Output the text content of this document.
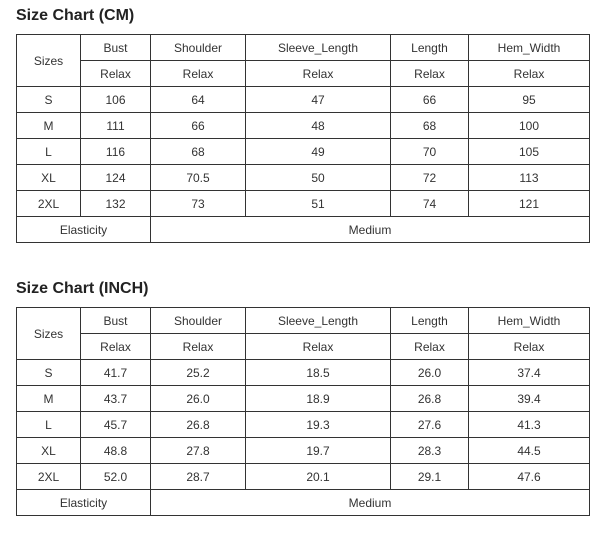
Size Chart (CM)
Sizes	Bust	Shoulder	Sleeve_Length	Length	Hem_Width
	Relax	Relax	Relax	Relax	Relax
S	106	64	47	66	95
M	111	66	48	68	100
L	116	68	49	70	105
XL	124	70.5	50	72	113
2XL	132	73	51	74	121
Elasticity		Medium			
Size Chart (INCH)
Sizes	Bust	Shoulder	Sleeve_Length	Length	Hem_Width
	Relax	Relax	Relax	Relax	Relax
S	41.7	25.2	18.5	26.0	37.4
M	43.7	26.0	18.9	26.8	39.4
L	45.7	26.8	19.3	27.6	41.3
XL	48.8	27.8	19.7	28.3	44.5
2XL	52.0	28.7	20.1	29.1	47.6
Elasticity		Medium			
